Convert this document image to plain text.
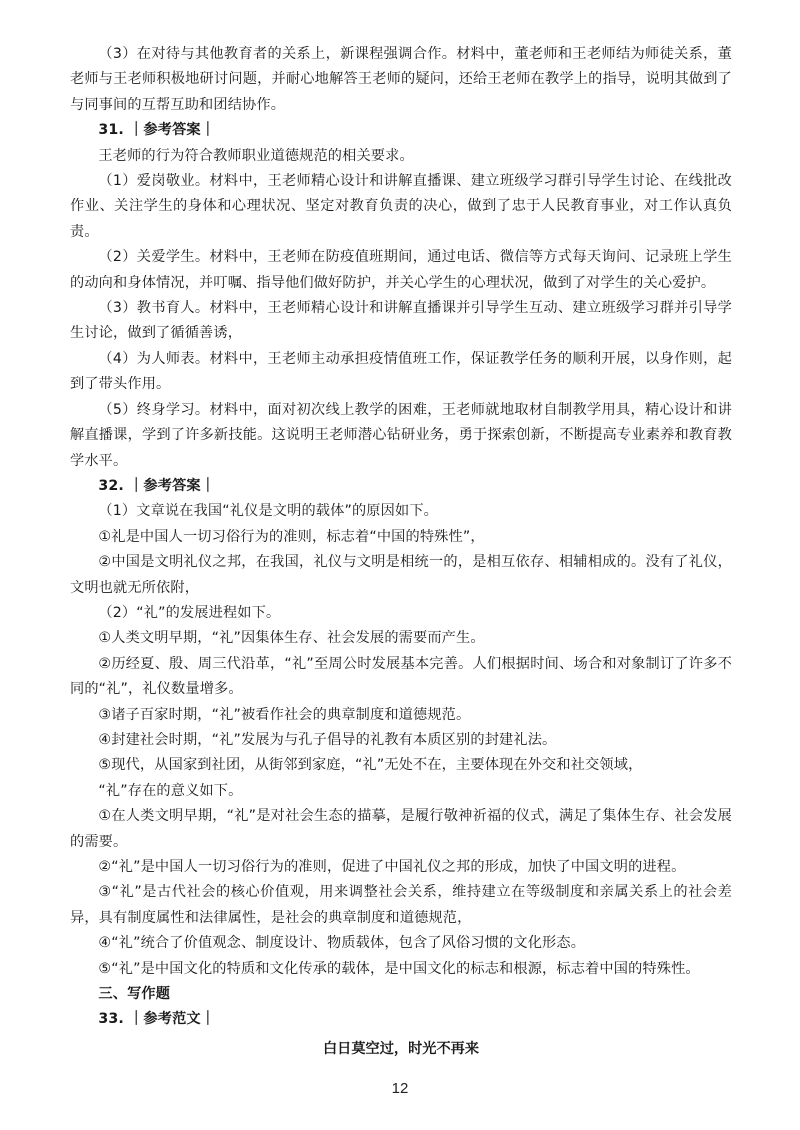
（3）在对待与其他教育者的关系上，新课程强调合作。材料中，董老师和王老师结为师徒关系，董老师与王老师积极地研讨问题，并耐心地解答王老师的疑问，还给王老师在教学上的指导，说明其做到了与同事间的互帮互助和团结协作。

31. ｜参考答案｜

王老师的行为符合教师职业道德规范的相关要求。

（1）爱岗敬业。材料中，王老师精心设计和讲解直播课、建立班级学习群引导学生讨论、在线批改作业、关注学生的身体和心理状况、坚定对教育负责的决心，做到了忠于人民教育事业，对工作认真负责。

（2）关爱学生。材料中，王老师在防疫值班期间，通过电话、微信等方式每天询问、记录班上学生的动向和身体情况，并叮嘱、指导他们做好防护，并关心学生的心理状况，做到了对学生的关心爱护。

（3）教书育人。材料中，王老师精心设计和讲解直播课并引导学生互动、建立班级学习群并引导学生讨论，做到了循循善诱，

（4）为人师表。材料中，王老师主动承担疫情值班工作，保证教学任务的顺利开展，以身作则，起到了带头作用。

（5）终身学习。材料中，面对初次线上教学的困难，王老师就地取材自制教学用具，精心设计和讲解直播课，学到了许多新技能。这说明王老师潜心钻研业务，勇于探索创新，不断提高专业素养和教育教学水平。

32. ｜参考答案｜

（1）文章说在我国“礼仪是文明的载体”的原因如下。

①礼是中国人一切习俗行为的准则，标志着“中国的特殊性”，

②中国是文明礼仪之邦，在我国，礼仪与文明是相统一的，是相互依存、相辅相成的。没有了礼仪，文明也就无所依附，

（2）“礼”的发展进程如下。

①人类文明早期，“礼”因集体生存、社会发展的需要而产生。

②历经夏、殷、周三代沿革，“礼”至周公时发展基本完善。人们根据时间、场合和对象制订了许多不同的“礼”，礼仪数量增多。

③诸子百家时期，“礼”被看作社会的典章制度和道德规范。

④封建社会时期，“礼”发展为与孔子倡导的礼教有本质区别的封建礼法。

⑤现代，从国家到社团，从街邻到家庭，“礼”无处不在，主要体现在外交和社交领域，

“礼”存在的意义如下。

①在人类文明早期，“礼”是对社会生态的描摹，是履行敬神祈福的仪式，满足了集体生存、社会发展的需要。

②“礼”是中国人一切习俗行为的准则，促进了中国礼仪之邦的形成，加快了中国文明的进程。

③“礼”是古代社会的核心价值观，用来调整社会关系，维持建立在等级制度和亲属关系上的社会差异，具有制度属性和法律属性，是社会的典章制度和道德规范，

④“礼”统合了价值观念、制度设计、物质载体，包含了风俗习惯的文化形态。

⑤“礼”是中国文化的特质和文化传承的载体，是中国文化的标志和根源，标志着中国的特殊性。

三、写作题

33. ｜参考范文｜

白日莫空过，时光不再来

12
